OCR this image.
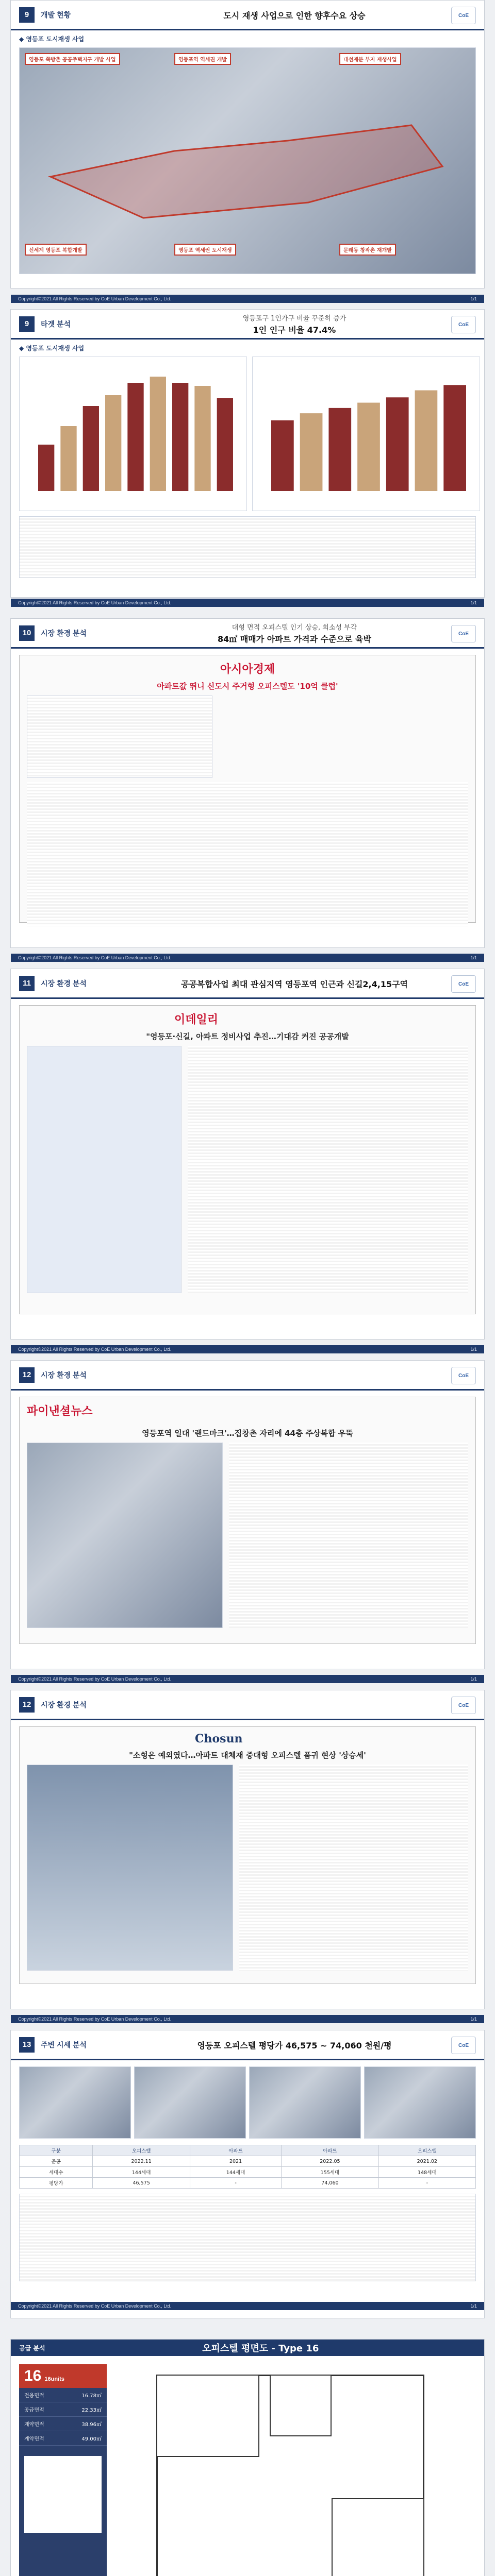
9	개발 현황	도시 재생 사업으로 인한 향후수요 상승	CoE
◆ 영등포 도시재생 사업
영등포 쪽방촌 공공주택지구 개발 사업	영등포역 역세권 개발	대선제분 부지 재생사업
신세계 영등포 복합개발	영등포 역세권 도시재생	문래동 창작촌 재개발
Copyright©2021 All Rights Reserved by CoE Urban Development Co., Ltd.	1/1
9	타겟 분석
영등포구 1인가구 비율 꾸준히 증가
1인 인구 비율 47.4%
CoE
◆ 영등포 도시재생 사업
Copyright©2021 All Rights Reserved by CoE Urban Development Co., Ltd.	1/1
10	시장 환경 분석
대형 면적 오피스텔 인기 상승, 희소성 부각
84㎡ 매매가 아파트 가격과 수준으로 육박
CoE
아시아경제
아파트값 뛰니 신도시 주거형 오피스텔도 '10억 클럽'
Copyright©2021 All Rights Reserved by CoE Urban Development Co., Ltd.	1/1
11	시장 환경 분석	공공복합사업 최대 관심지역 영등포역 인근과 신길2,4,15구역	CoE
이데일리
"영등포·신길, 아파트 정비사업 추진…기대감 커진 공공개발
Copyright©2021 All Rights Reserved by CoE Urban Development Co., Ltd.	1/1
12	시장 환경 분석	CoE
파이낸셜뉴스
영등포역 일대 '랜드마크'…집창촌 자리에 44층 주상복합 우뚝
Copyright©2021 All Rights Reserved by CoE Urban Development Co., Ltd.	1/1
12	시장 환경 분석	CoE
Chosun
"소형은 예외였다…아파트 대체재 중대형 오피스텔 품귀 현상 '상승세'
Copyright©2021 All Rights Reserved by CoE Urban Development Co., Ltd.	1/1
13	주변 시세 분석	영등포 오피스텔 평당가 46,575 ~ 74,060 천원/평	CoE
구분	오피스텔	아파트	아파트	오피스텔
준공	2022.11	2021	2022.05	2021.02
세대수	144세대	144세대	155세대	148세대
평당가	46,575	-	74,060	-
Copyright©2021 All Rights Reserved by CoE Urban Development Co., Ltd.	1/1
공급 분석	오피스텔 평면도 - Type 16
16 16units
전용면적	16.78㎡
공급면적	22.33㎡
계약면적	38.96㎡
계약면적	49.00㎡
